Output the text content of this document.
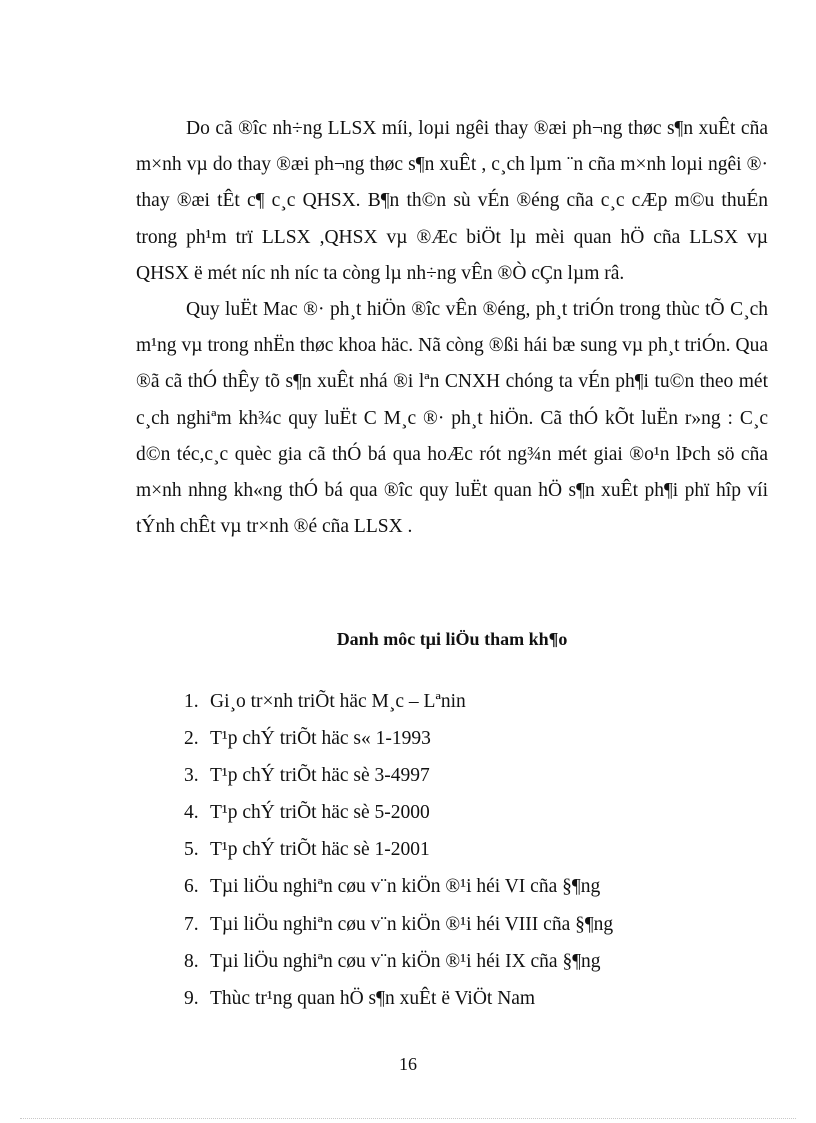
Do cã ®îc nh÷ng LLSX míi, loµi ngêi thay ®æi ph¬ng thøc s¶n xuÊt cña m×nh vµ do thay ®æi ph¬ng thøc s¶n xuÊt , c¸ch lµm ¨n cña m×nh loµi ngêi ®· thay ®æi tÊt c¶ c¸c QHSX. B¶n th©n sù vÉn ®éng cña c¸c cÆp m©u thuÉn trong ph¹m trï LLSX ,QHSX vµ ®Æc biÖt lµ mèi quan hÖ cña LLSX vµ QHSX ë mét níc nh níc ta còng lµ nh÷ng vÊn ®Ò cÇn lµm râ.

Quy luËt Mac ®· ph¸t hiÖn ®îc vÊn ®éng, ph¸t triÓn trong thùc tÕ C¸ch m¹ng vµ trong nhËn thøc khoa häc. Nã còng ®ßi hái bæ sung vµ ph¸t triÓn. Qua ®ã cã thÓ thÊy tõ s¶n xuÊt nhá ®i lªn CNXH chóng ta vÉn ph¶i tu©n theo mét c¸ch nghiªm kh¾c quy luËt C M¸c ®· ph¸t hiÖn. Cã thÓ kÕt luËn r»ng : C¸c d©n téc,c¸c quèc gia cã thÓ bá qua hoÆc rót ng¾n mét giai ®o¹n lÞch sö cña m×nh nhng kh«ng thÓ bá qua ®îc quy luËt quan hÖ s¶n xuÊt ph¶i phï hîp víi tÝnh chÊt vµ tr×nh ®é cña LLSX .

Danh môc tµi liÖu tham kh¶o
1. Gi¸o tr×nh triÕt häc M¸c – Lªnin
2. T¹p chÝ triÕt häc s« 1-1993
3. T¹p chÝ triÕt häc sè 3-4997
4. T¹p chÝ triÕt häc sè 5-2000
5. T¹p chÝ triÕt häc sè 1-2001
6. Tµi liÖu nghiªn cøu v¨n kiÖn ®¹i héi VI cña §¶ng
7. Tµi liÖu nghiªn cøu v¨n kiÖn ®¹i héi VIII cña §¶ng
8. Tµi liÖu nghiªn cøu v¨n kiÖn ®¹i héi IX cña §¶ng
9. Thùc tr¹ng quan hÖ s¶n xuÊt ë ViÖt Nam
16
